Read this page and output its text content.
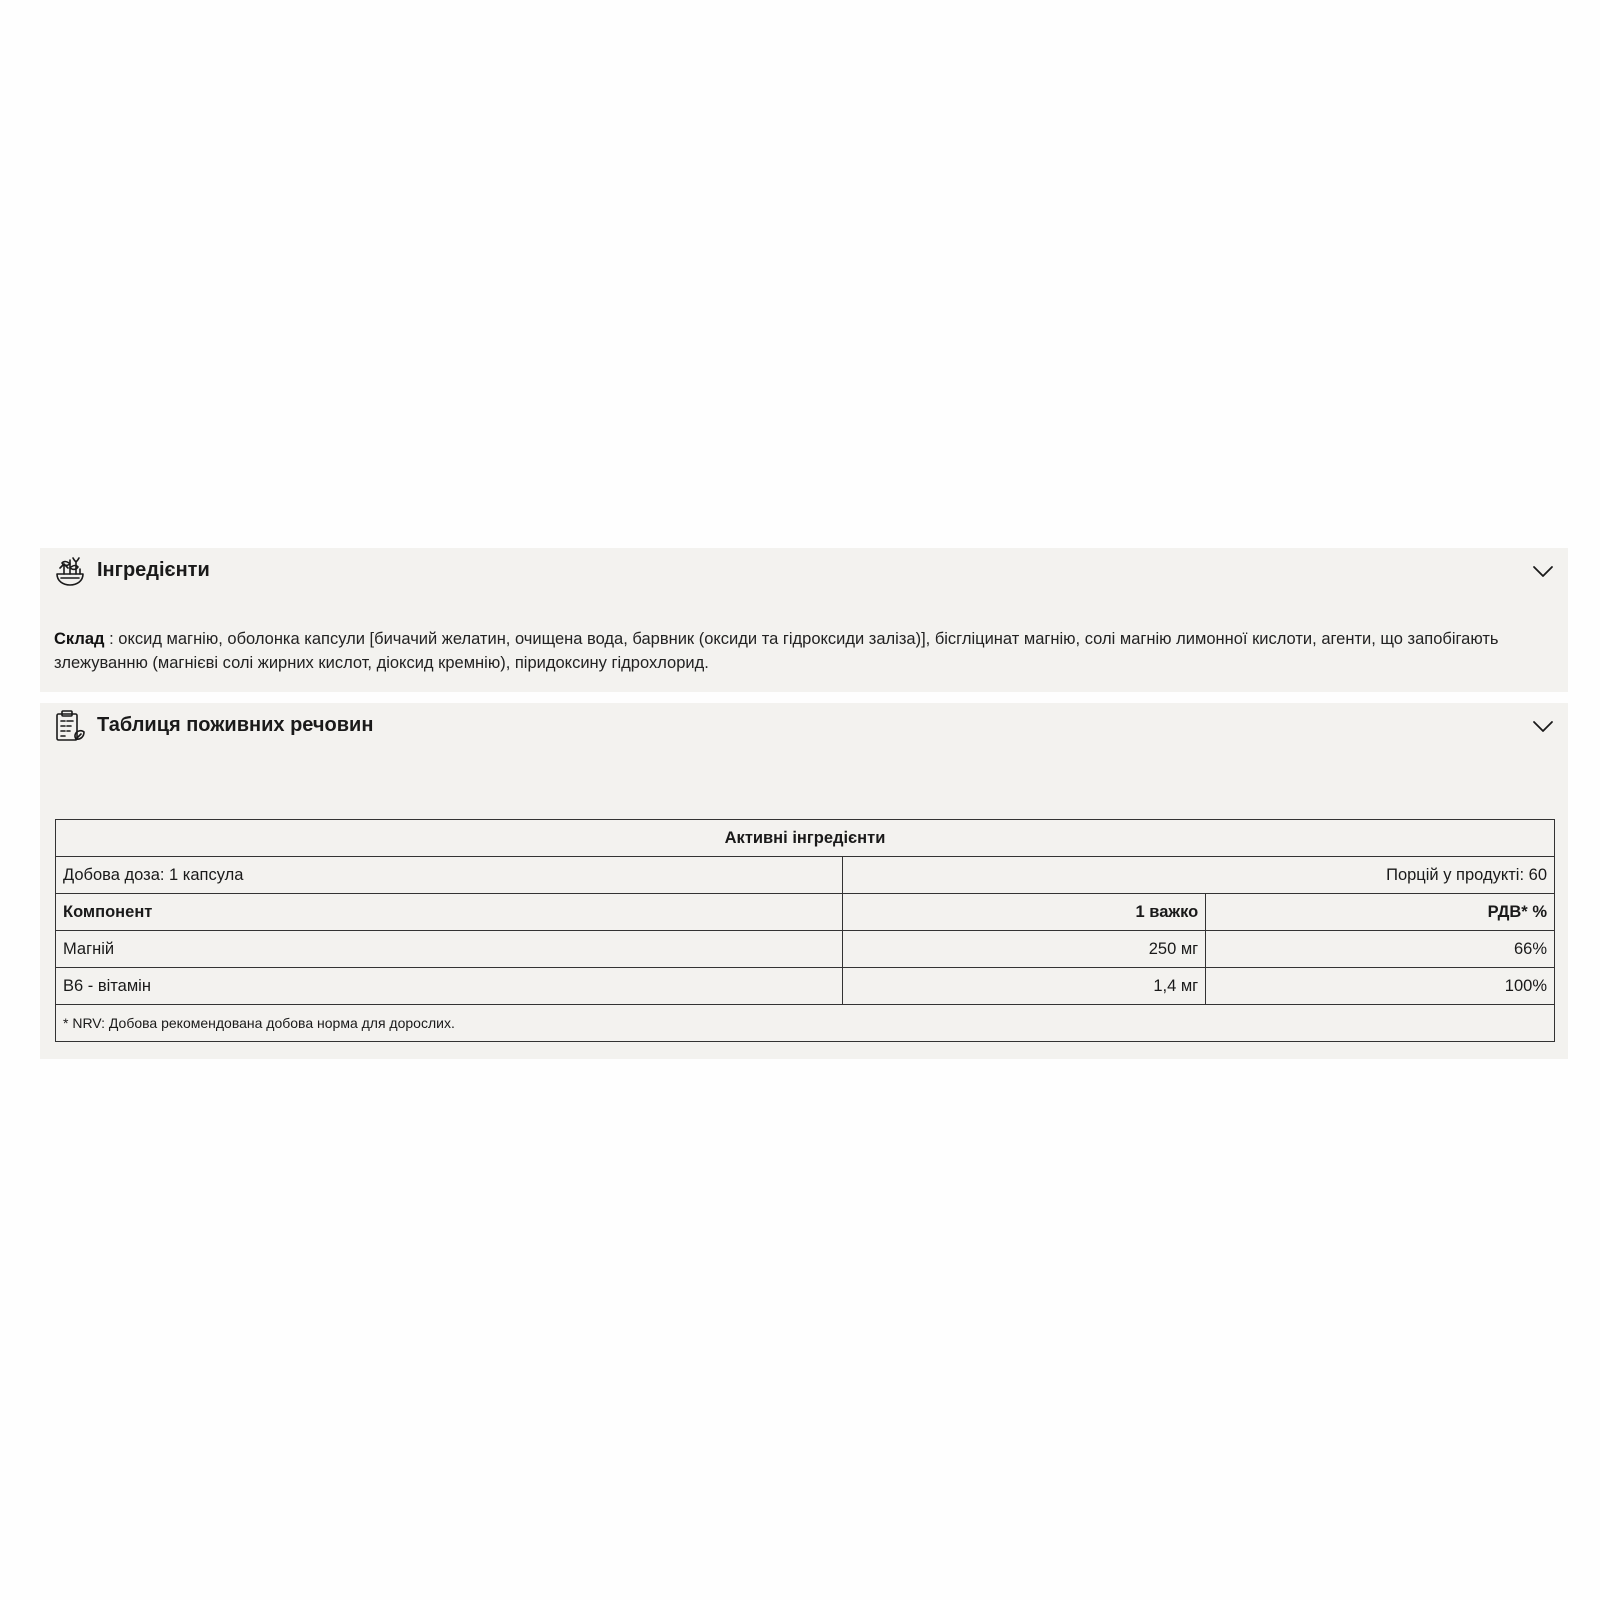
Інгредієнти
Склад : оксид магнію, оболонка капсули [бичачий желатин, очищена вода, барвник (оксиди та гідроксиди заліза)], бісгліцинат магнію, солі магнію лимонної кислоти, агенти, що запобігають злежуванню (магнієві солі жирних кислот, діоксид кремнію), піридоксину гідрохлорид.
Таблиця поживних речовин
Активні інгредієнти		
Добова доза: 1 капсула	Порцій у продукті: 60	
Компонент	1 важко	РДВ* %
Магній	250 мг	66%
B6 - вітамін	1,4 мг	100%
* NRV: Добова рекомендована добова норма для дорослих.		
